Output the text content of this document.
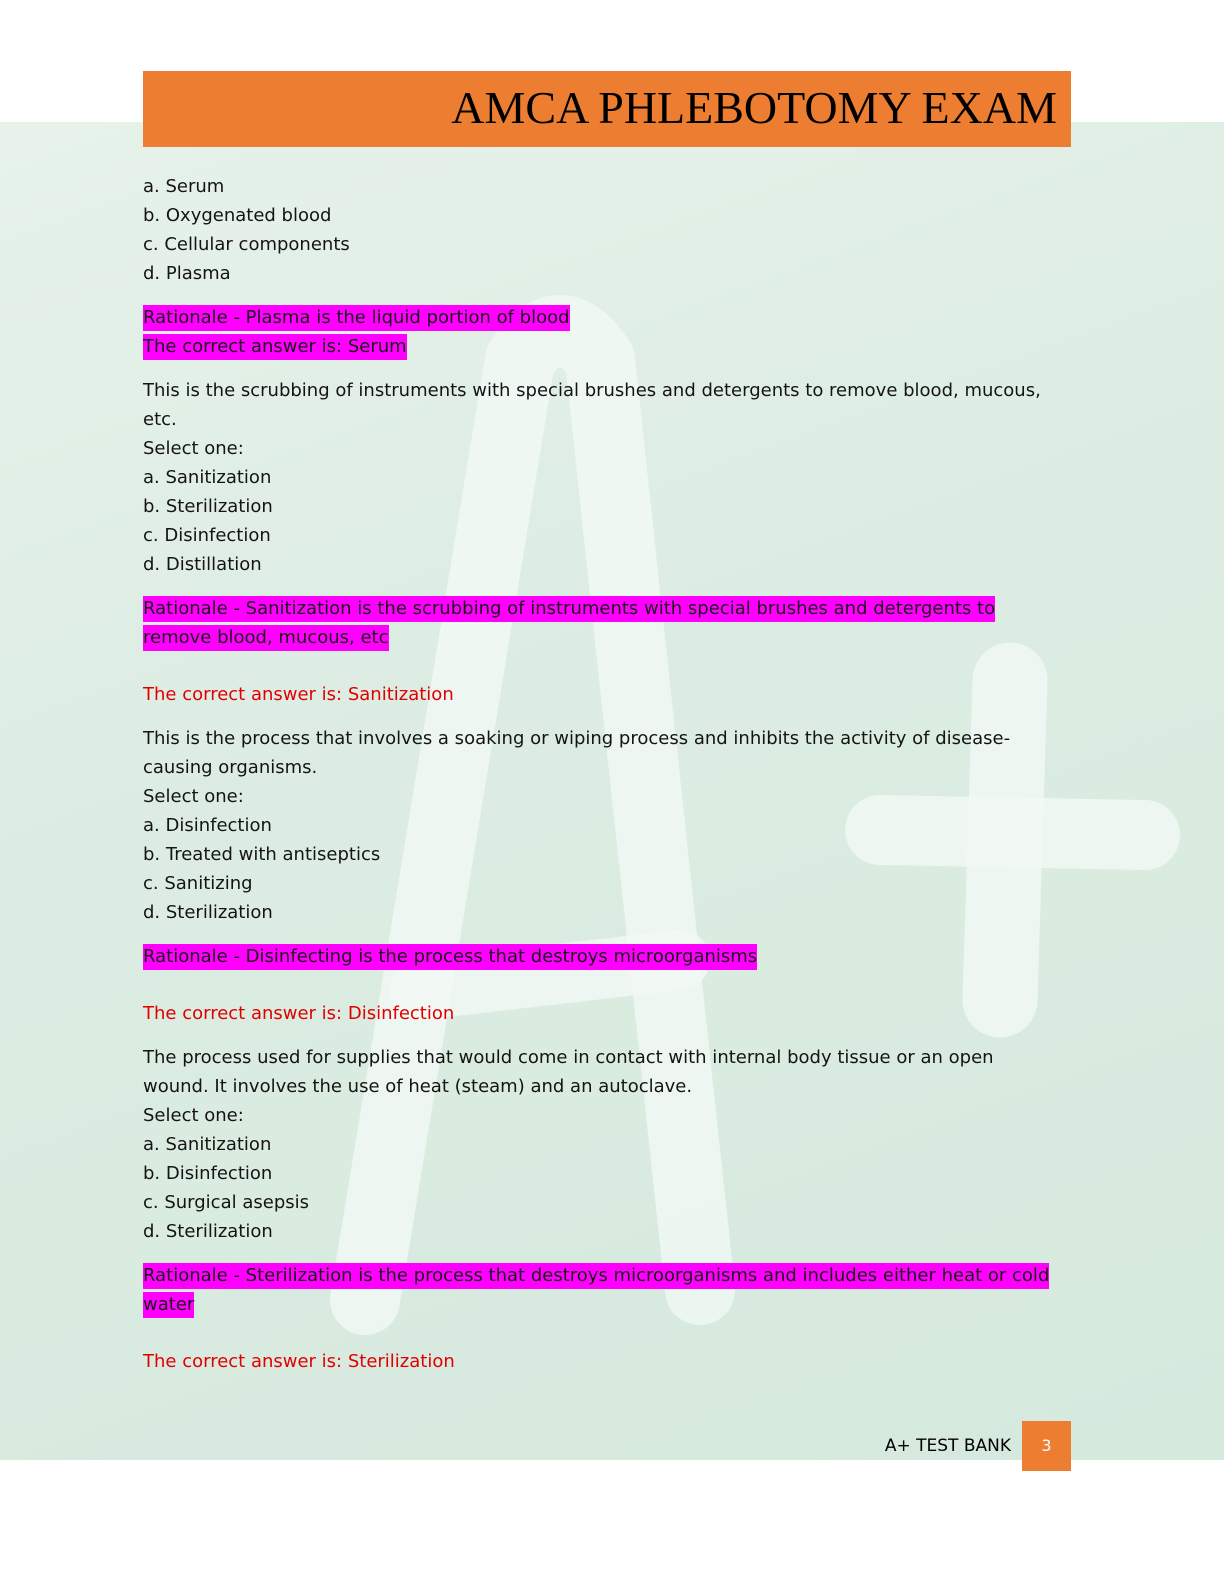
AMCA PHLEBOTOMY EXAM
a. Serum
b. Oxygenated blood
c. Cellular components
d. Plasma
Rationale - Plasma is the liquid portion of blood
The correct answer is: Serum
This is the scrubbing of instruments with special brushes and detergents to remove blood, mucous,
etc.
Select one:
a. Sanitization
b. Sterilization
c. Disinfection
d. Distillation
Rationale - Sanitization is the scrubbing of instruments with special brushes and detergents to
remove blood, mucous, etc
The correct answer is: Sanitization
This is the process that involves a soaking or wiping process and inhibits the activity of disease-
causing organisms.
Select one:
a. Disinfection
b. Treated with antiseptics
c. Sanitizing
d. Sterilization
Rationale - Disinfecting is the process that destroys microorganisms
The correct answer is: Disinfection
The process used for supplies that would come in contact with internal body tissue or an open
wound. It involves the use of heat (steam) and an autoclave.
Select one:
a. Sanitization
b. Disinfection
c. Surgical asepsis
d. Sterilization
Rationale - Sterilization is the process that destroys microorganisms and includes either heat or cold
water
The correct answer is: Sterilization
A+ TEST BANK	3
